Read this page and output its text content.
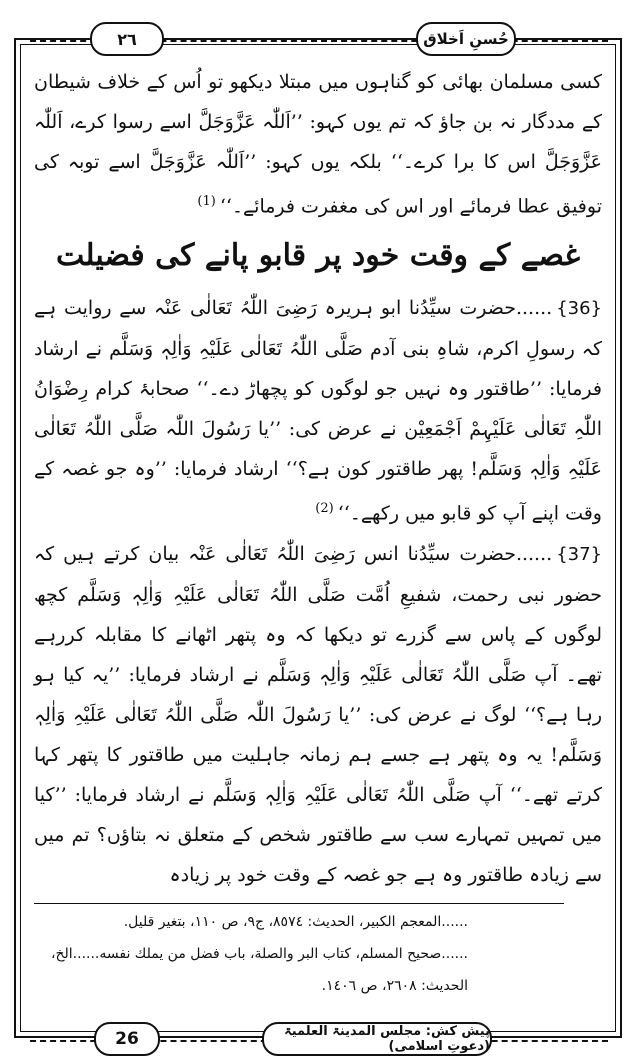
حُسنِ اَخلاق
٢٦

کسی مسلمان بھائی کو گناہوں میں مبتلا دیکھو تو اُس کے خلاف شیطان کے مددگار نہ بن جاؤ کہ تم یوں کہو: ’’اَللّٰہ عَزَّوَجَلَّ اسے رسوا کرے، اَللّٰہ عَزَّوَجَلَّ اس کا برا کرے۔‘‘ بلکہ یوں کہو: ’’اَللّٰہ عَزَّوَجَلَّ اسے توبہ کی توفیق عطا فرمائے اور اس کی مغفرت فرمائے۔‘‘$^{(1)}$

غصے کے وقت خود پر قابو پانے کی فضیلت

{36}......حضرت سیِّدُنا ابو ہریرہ رَضِیَ اللّٰہُ تَعَالٰی عَنْہ سے روایت ہے کہ رسولِ اکرم، شاہِ بنی آدم صَلَّی اللّٰہُ تَعَالٰی عَلَیْہِ وَاٰلِہٖ وَسَلَّم نے ارشاد فرمایا: ’’طاقتور وہ نہیں جو لوگوں کو پچھاڑ دے۔‘‘ صحابۂ کرام رِضْوَانُ اللّٰہِ تَعَالٰی عَلَیْہِمْ اَجْمَعِیْن نے عرض کی: ’’یا رَسُولَ اللّٰہ صَلَّی اللّٰہُ تَعَالٰی عَلَیْہِ وَاٰلِہٖ وَسَلَّم! پھر طاقتور کون ہے؟‘‘ ارشاد فرمایا: ’’وہ جو غصہ کے وقت اپنے آپ کو قابو میں رکھے۔‘‘$^{(2)}$

{37}......حضرت سیِّدُنا انس رَضِیَ اللّٰہُ تَعَالٰی عَنْہ بیان کرتے ہیں کہ حضور نبی رحمت، شفیعِ اُمَّت صَلَّی اللّٰہُ تَعَالٰی عَلَیْہِ وَاٰلِہٖ وَسَلَّم کچھ لوگوں کے پاس سے گزرے تو دیکھا کہ وہ پتھر اٹھانے کا مقابلہ کررہے تھے۔ آپ صَلَّی اللّٰہُ تَعَالٰی عَلَیْہِ وَاٰلِہٖ وَسَلَّم نے ارشاد فرمایا: ’’یہ کیا ہو رہا ہے؟‘‘ لوگ نے عرض کی: ’’یا رَسُولَ اللّٰہ صَلَّی اللّٰہُ تَعَالٰی عَلَیْہِ وَاٰلِہٖ وَسَلَّم! یہ وہ پتھر ہے جسے ہم زمانہ جاہلیت میں طاقتور کا پتھر کہا کرتے تھے۔‘‘ آپ صَلَّی اللّٰہُ تَعَالٰی عَلَیْہِ وَاٰلِہٖ وَسَلَّم نے ارشاد فرمایا: ’’کیا میں تمہیں تمہارے سب سے طاقتور شخص کے متعلق نہ بتاؤں؟ تم میں سے زیادہ طاقتور وہ ہے جو غصہ کے وقت خود پر زیادہ

......المعجم الكبير، الحديث: ٨٥٧٤، ج٩، ص ١١٠، بتغير قليل.

......صحيح المسلم، كتاب البر والصلة، باب فضل من يملك نفسه......الخ،

الحديث: ٢٦٠٨، ص ١٤٠٦.

پیش کش: مجلس المدینۃ العلمیۃ (دعوتِ اسلامی)
26
